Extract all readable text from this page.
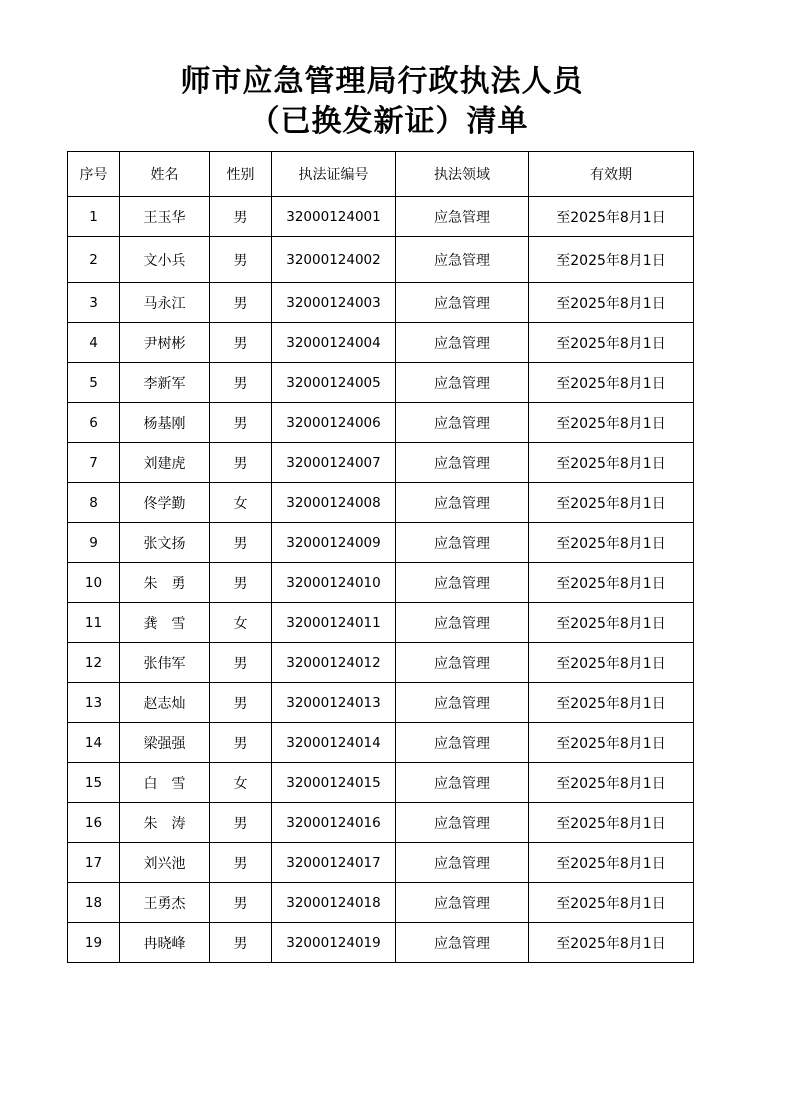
师市应急管理局行政执法人员
（已换发新证）清单
序号	姓名	性别	执法证编号	执法领域	有效期
1	王玉华	男	32000124001	应急管理	至2025年8月1日
2	文小兵	男	32000124002	应急管理	至2025年8月1日
3	马永江	男	32000124003	应急管理	至2025年8月1日
4	尹树彬	男	32000124004	应急管理	至2025年8月1日
5	李新军	男	32000124005	应急管理	至2025年8月1日
6	杨基刚	男	32000124006	应急管理	至2025年8月1日
7	刘建虎	男	32000124007	应急管理	至2025年8月1日
8	佟学勤	女	32000124008	应急管理	至2025年8月1日
9	张文扬	男	32000124009	应急管理	至2025年8月1日
10	朱　勇	男	32000124010	应急管理	至2025年8月1日
11	龚　雪	女	32000124011	应急管理	至2025年8月1日
12	张伟军	男	32000124012	应急管理	至2025年8月1日
13	赵志灿	男	32000124013	应急管理	至2025年8月1日
14	梁强强	男	32000124014	应急管理	至2025年8月1日
15	白　雪	女	32000124015	应急管理	至2025年8月1日
16	朱　涛	男	32000124016	应急管理	至2025年8月1日
17	刘兴池	男	32000124017	应急管理	至2025年8月1日
18	王勇杰	男	32000124018	应急管理	至2025年8月1日
19	冉晓峰	男	32000124019	应急管理	至2025年8月1日
